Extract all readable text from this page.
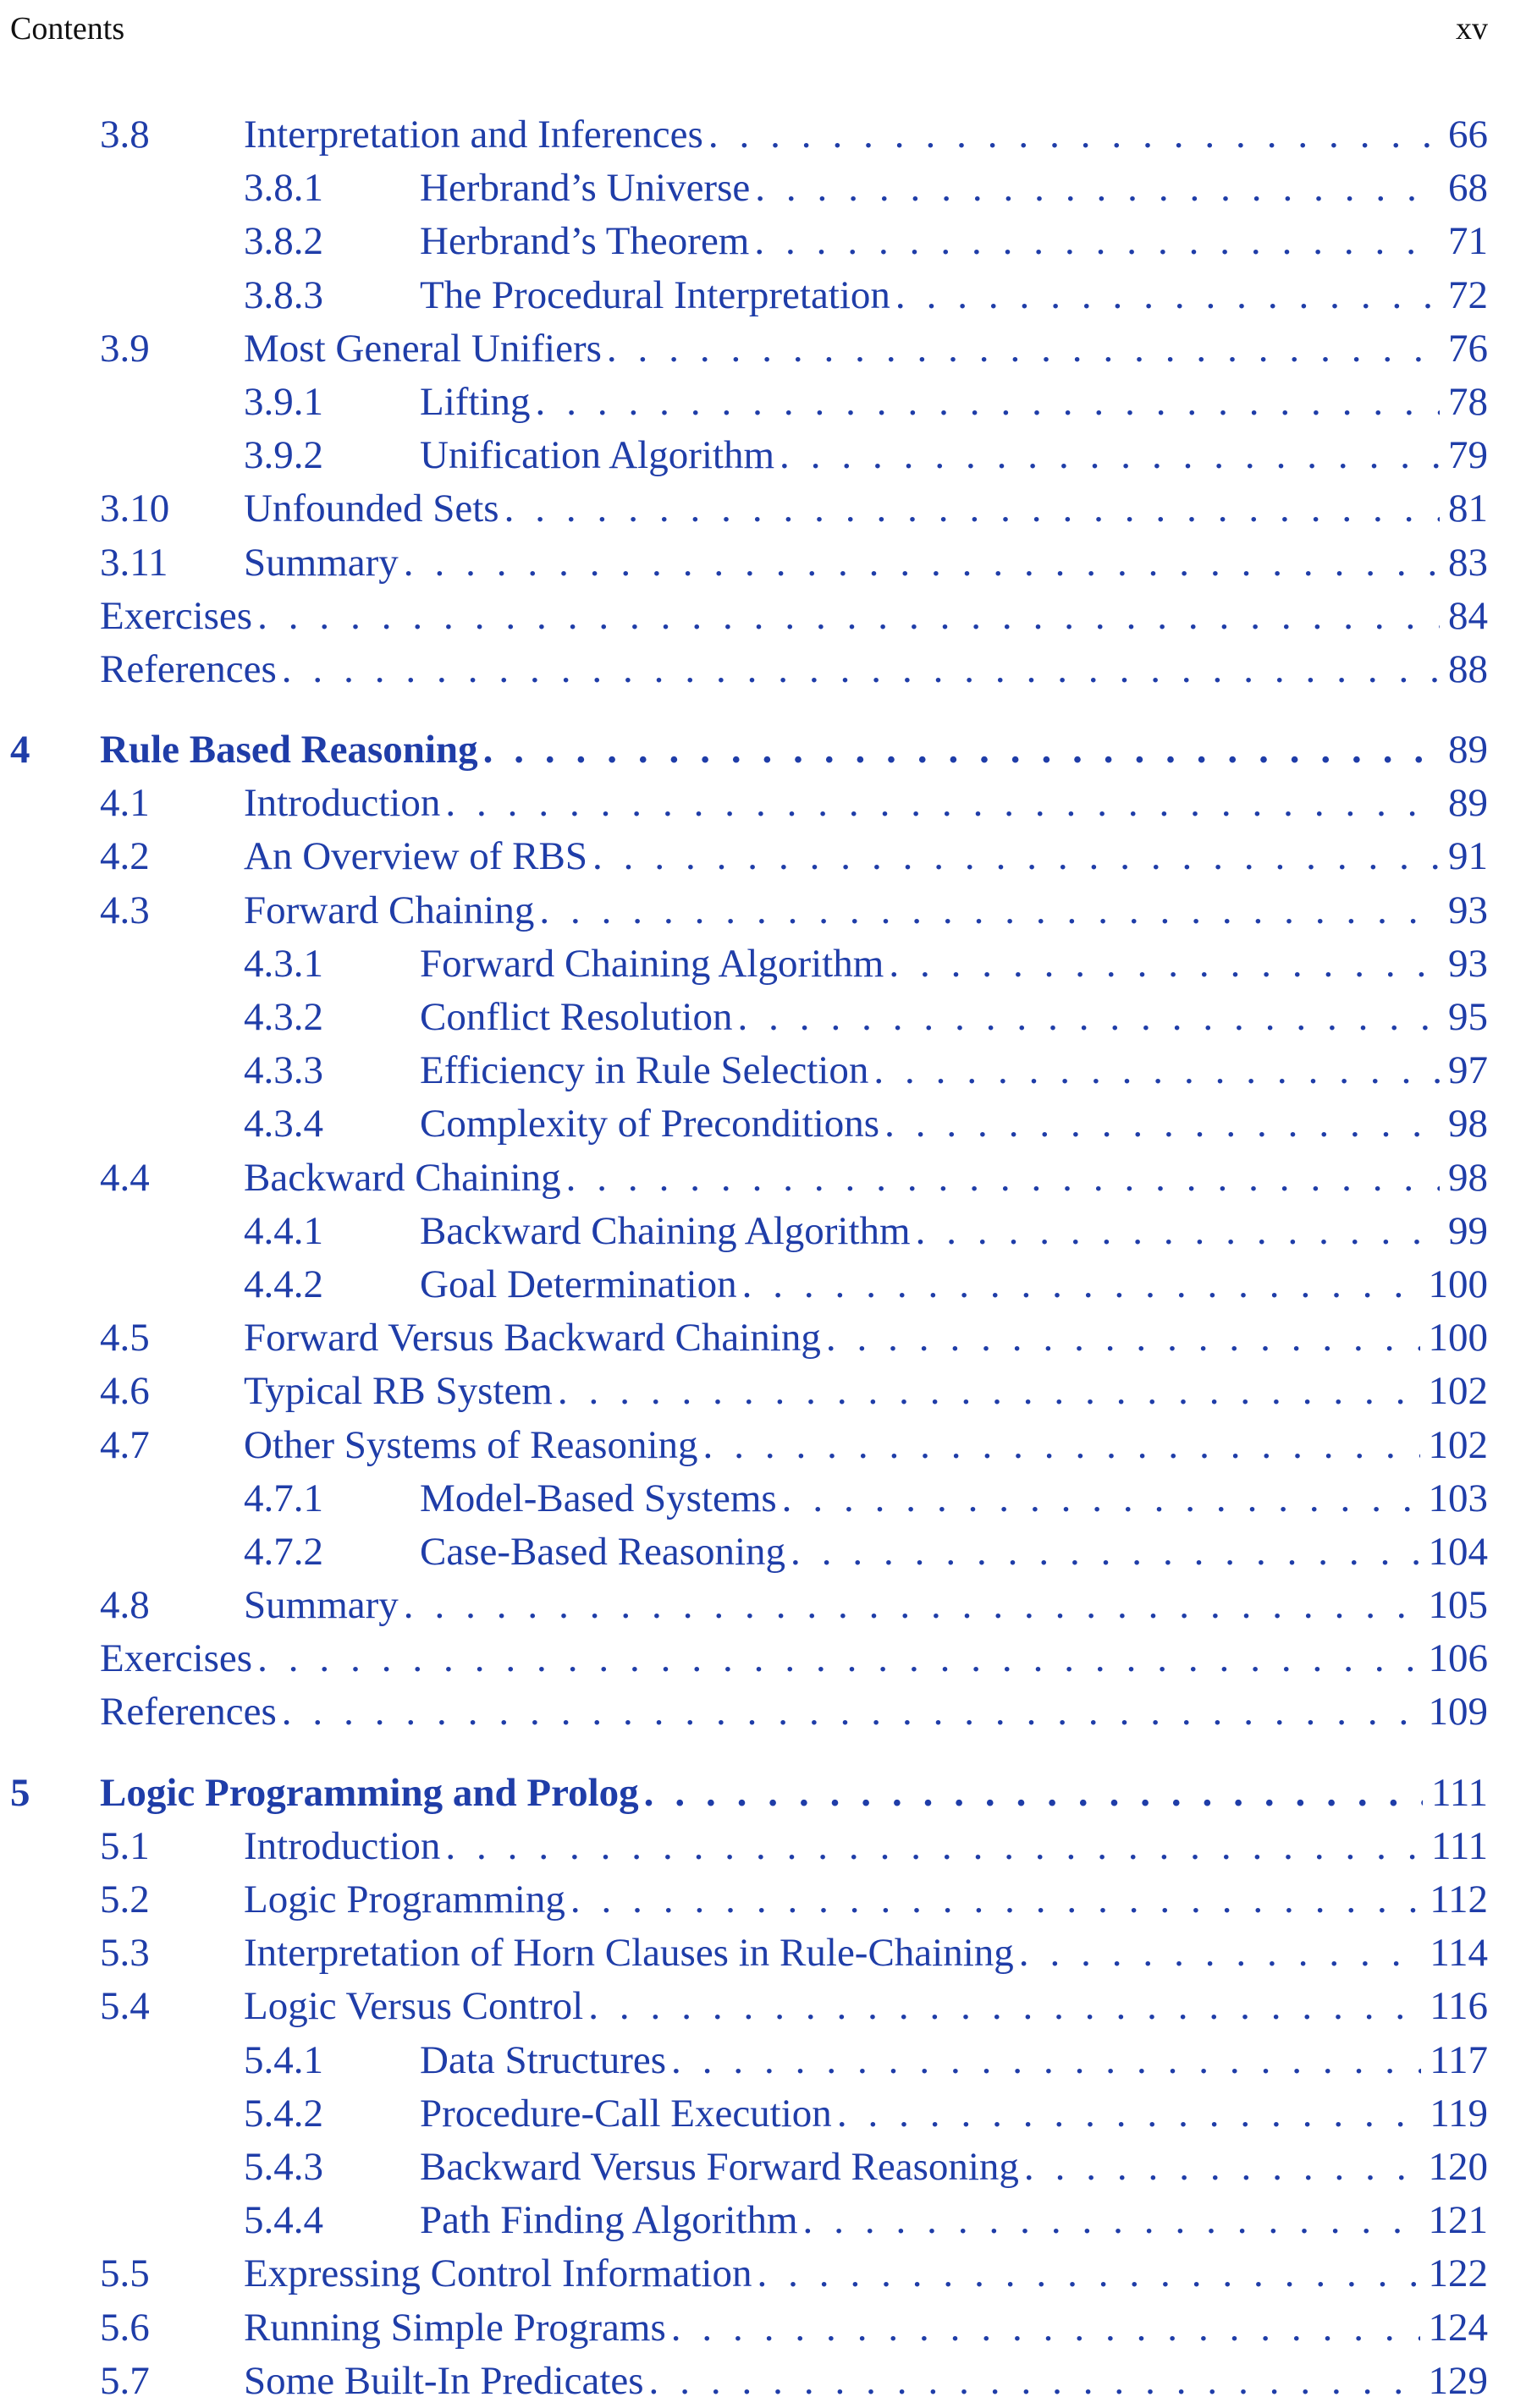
Contents	xv
3.8 Interpretation and Inferences . . .	66
3.8.1 Herbrand’s Universe . . .	68
3.8.2 Herbrand’s Theorem . . .	71
3.8.3 The Procedural Interpretation . . .	72
3.9 Most General Unifiers . . .	76
3.9.1 Lifting . . .	78
3.9.2 Unification Algorithm . . .	79
3.10 Unfounded Sets . . .	81
3.11 Summary . . .	83
Exercises . . .	84
References . . .	88
4 Rule Based Reasoning . . .	89
4.1 Introduction . . .	89
4.2 An Overview of RBS . . .	91
4.3 Forward Chaining . . .	93
4.3.1 Forward Chaining Algorithm . . .	93
4.3.2 Conflict Resolution . . .	95
4.3.3 Efficiency in Rule Selection . . .	97
4.3.4 Complexity of Preconditions . . .	98
4.4 Backward Chaining . . .	98
4.4.1 Backward Chaining Algorithm . . .	99
4.4.2 Goal Determination . . .	100
4.5 Forward Versus Backward Chaining . . .	100
4.6 Typical RB System . . .	102
4.7 Other Systems of Reasoning . . .	102
4.7.1 Model-Based Systems . . .	103
4.7.2 Case-Based Reasoning . . .	104
4.8 Summary . . .	105
Exercises . . .	106
References . . .	109
5 Logic Programming and Prolog . . .	111
5.1 Introduction . . .	111
5.2 Logic Programming . . .	112
5.3 Interpretation of Horn Clauses in Rule-Chaining . . .	114
5.4 Logic Versus Control . . .	116
5.4.1 Data Structures . . .	117
5.4.2 Procedure-Call Execution . . .	119
5.4.3 Backward Versus Forward Reasoning . . .	120
5.4.4 Path Finding Algorithm . . .	121
5.5 Expressing Control Information . . .	122
5.6 Running Simple Programs . . .	124
5.7 Some Built-In Predicates . . .	129
